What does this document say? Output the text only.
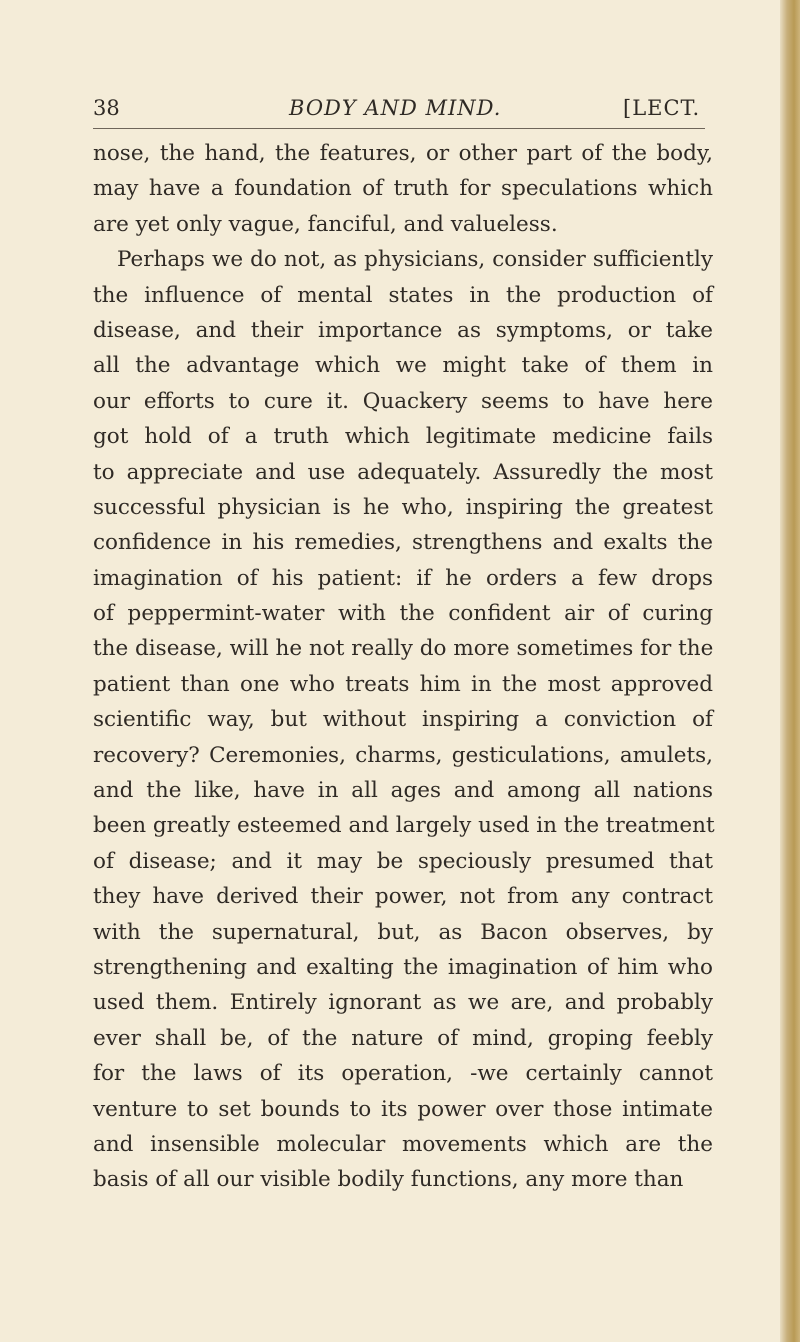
38	BODY AND MIND.	[LECT.
nose, the hand, the features, or other part of the body,
may have a foundation of truth for speculations which
are yet only vague, fanciful, and valueless.
Perhaps we do not, as physicians, consider sufficiently
the influence of mental states in the production of
disease, and their importance as symptoms, or take
all the advantage which we might take of them in
our efforts to cure it. Quackery seems to have here
got hold of a truth which legitimate medicine fails
to appreciate and use adequately. Assuredly the most
successful physician is he who, inspiring the greatest
confidence in his remedies, strengthens and exalts the
imagination of his patient: if he orders a few drops
of peppermint-water with the confident air of curing
the disease, will he not really do more sometimes for the
patient than one who treats him in the most approved
scientific way, but without inspiring a conviction of
recovery? Ceremonies, charms, gesticulations, amulets,
and the like, have in all ages and among all nations
been greatly esteemed and largely used in the treatment
of disease; and it may be speciously presumed that
they have derived their power, not from any contract
with the supernatural, but, as Bacon observes, by
strengthening and exalting the imagination of him who
used them. Entirely ignorant as we are, and probably
ever shall be, of the nature of mind, groping feebly
for the laws of its operation, -we certainly cannot
venture to set bounds to its power over those intimate
and insensible molecular movements which are the
basis of all our visible bodily functions, any more than
